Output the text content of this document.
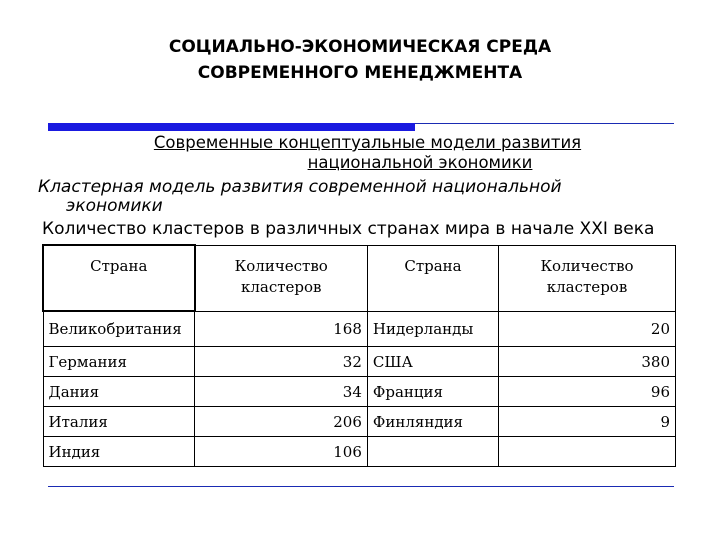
СОЦИАЛЬНО-ЭКОНОМИЧЕСКАЯ СРЕДА
СОВРЕМЕННОГО МЕНЕДЖМЕНТА
Современные концептуальные модели развития
национальной экономики
Кластерная модель развития современной национальной
экономики
Количество кластеров в различных странах мира в начале XXI века
Страна	Количество кластеров	Страна	Количество кластеров
Великобритания	168	Нидерланды	20
Германия	32	США	380
Дания	34	Франция	96
Италия	206	Финляндия	9
Индия	106		
